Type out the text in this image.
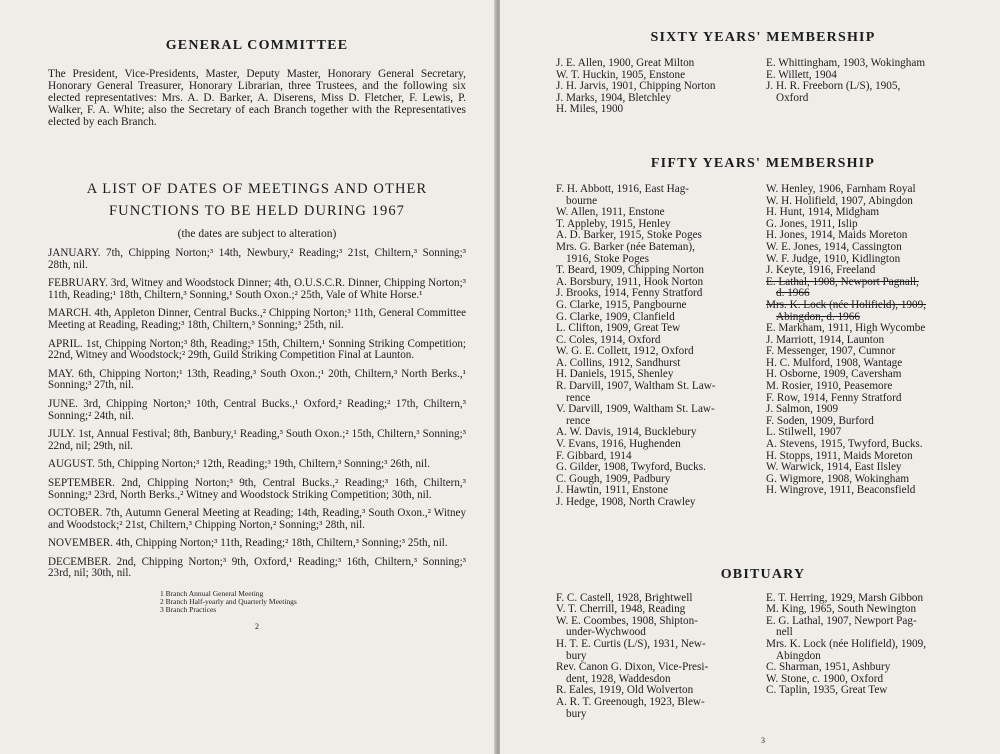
GENERAL COMMITTEE

The President, Vice-Presidents, Master, Deputy Master, Honorary General Secretary, Honorary General Treasurer, Honorary Librarian, three Trustees, and the following six elected representatives: Mrs. A. D. Barker, A. Diserens, Miss D. Fletcher, F. Lewis, P. Walker, F. A. White; also the Secretary of each Branch together with the Representatives elected by each Branch.

A LIST OF DATES OF MEETINGS AND OTHER

FUNCTIONS TO BE HELD DURING 1967

(the dates are subject to alteration)

JANUARY. 7th, Chipping Norton;³ 14th, Newbury,² Reading;³ 21st, Chiltern,³ Sonning;³ 28th, nil.

FEBRUARY. 3rd, Witney and Woodstock Dinner; 4th, O.U.S.C.R. Dinner, Chipping Norton;³ 11th, Reading;¹ 18th, Chiltern,³ Sonning,¹ South Oxon.;² 25th, Vale of White Horse.¹

MARCH. 4th, Appleton Dinner, Central Bucks.,² Chipping Norton;³ 11th, General Committee Meeting at Reading, Reading;³ 18th, Chiltern,³ Sonning;³ 25th, nil.

APRIL. 1st, Chipping Norton;³ 8th, Reading;³ 15th, Chiltern,¹ Sonning Striking Competition; 22nd, Witney and Woodstock;² 29th, Guild Striking Competition Final at Launton.

MAY. 6th, Chipping Norton;¹ 13th, Reading,³ South Oxon.;¹ 20th, Chiltern,³ North Berks.,¹ Sonning;³ 27th, nil.

JUNE. 3rd, Chipping Norton;³ 10th, Central Bucks.,¹ Oxford,² Reading;² 17th, Chiltern,³ Sonning;² 24th, nil.

JULY. 1st, Annual Festival; 8th, Banbury,¹ Reading,³ South Oxon.;² 15th, Chiltern,³ Sonning;³ 22nd, nil; 29th, nil.

AUGUST. 5th, Chipping Norton;³ 12th, Reading;³ 19th, Chiltern,³ Sonning;³ 26th, nil.

SEPTEMBER. 2nd, Chipping Norton;³ 9th, Central Bucks.,² Reading;³ 16th, Chiltern,³ Sonning;³ 23rd, North Berks.,² Witney and Woodstock Striking Competition; 30th, nil.

OCTOBER. 7th, Autumn General Meeting at Reading; 14th, Reading,³ South Oxon.,² Witney and Woodstock;² 21st, Chiltern,³ Chipping Norton,² Sonning;³ 28th, nil.

NOVEMBER. 4th, Chipping Norton;³ 11th, Reading;² 18th, Chiltern,³ Sonning;³ 25th, nil.

DECEMBER. 2nd, Chipping Norton;³ 9th, Oxford,¹ Reading;³ 16th, Chiltern,³ Sonning;³ 23rd, nil; 30th, nil.

1 Branch Annual General Meeting
2 Branch Half-yearly and Quarterly Meetings
3 Branch Practices
2
SIXTY YEARS' MEMBERSHIP

J. E. Allen, 1900, Great Milton

W. T. Huckin, 1905, Enstone

J. H. Jarvis, 1901, Chipping Norton

J. Marks, 1904, Bletchley

H. Miles, 1900

E. Whittingham, 1903, Wokingham

E. Willett, 1904

J. H. R. Freeborn (L/S), 1905,

Oxford

FIFTY YEARS' MEMBERSHIP

F. H. Abbott, 1916, East Hag-

bourne

W. Allen, 1911, Enstone

T. Appleby, 1915, Henley

A. D. Barker, 1915, Stoke Poges

Mrs. G. Barker (née Bateman),

1916, Stoke Poges

T. Beard, 1909, Chipping Norton

A. Borsbury, 1911, Hook Norton

J. Brooks, 1914, Fenny Stratford

G. Clarke, 1915, Pangbourne

G. Clarke, 1909, Clanfield

L. Clifton, 1909, Great Tew

C. Coles, 1914, Oxford

W. G. E. Collett, 1912, Oxford

A. Collins, 1912, Sandhurst

H. Daniels, 1915, Shenley

R. Darvill, 1907, Waltham St. Law-

rence

V. Darvill, 1909, Waltham St. Law-

rence

A. W. Davis, 1914, Bucklebury

V. Evans, 1916, Hughenden

F. Gibbard, 1914

G. Gilder, 1908, Twyford, Bucks.

C. Gough, 1909, Padbury

J. Hawtin, 1911, Enstone

J. Hedge, 1908, North Crawley

W. Henley, 1906, Farnham Royal

W. H. Holifield, 1907, Abingdon

H. Hunt, 1914, Midgham

G. Jones, 1911, Islip

H. Jones, 1914, Maids Moreton

W. E. Jones, 1914, Cassington

W. F. Judge, 1910, Kidlington

J. Keyte, 1916, Freeland

E. Lathal, 1908, Newport Pagnall,

d. 1966

Mrs. K. Lock (née Holifield), 1909,

Abingdon, d. 1966

E. Markham, 1911, High Wycombe

J. Marriott, 1914, Launton

F. Messenger, 1907, Cumnor

H. C. Mulford, 1908, Wantage

H. Osborne, 1909, Caversham

M. Rosier, 1910, Peasemore

F. Row, 1914, Fenny Stratford

J. Salmon, 1909

F. Soden, 1909, Burford

L. Stilwell, 1907

A. Stevens, 1915, Twyford, Bucks.

H. Stopps, 1911, Maids Moreton

W. Warwick, 1914, East Ilsley

G. Wigmore, 1908, Wokingham

H. Wingrove, 1911, Beaconsfield

OBITUARY

F. C. Castell, 1928, Brightwell

V. T. Cherrill, 1948, Reading

W. E. Coombes, 1908, Shipton-

under-Wychwood

H. T. E. Curtis (L/S), 1931, New-

bury

Rev. Canon G. Dixon, Vice-Presi-

dent, 1928, Waddesdon

R. Eales, 1919, Old Wolverton

A. R. T. Greenough, 1923, Blew-

bury

E. T. Herring, 1929, Marsh Gibbon

M. King, 1965, South Newington

E. G. Lathal, 1907, Newport Pag-

nell

Mrs. K. Lock (née Holifield), 1909,

Abingdon

C. Sharman, 1951, Ashbury

W. Stone, c. 1900, Oxford

C. Taplin, 1935, Great Tew

3
